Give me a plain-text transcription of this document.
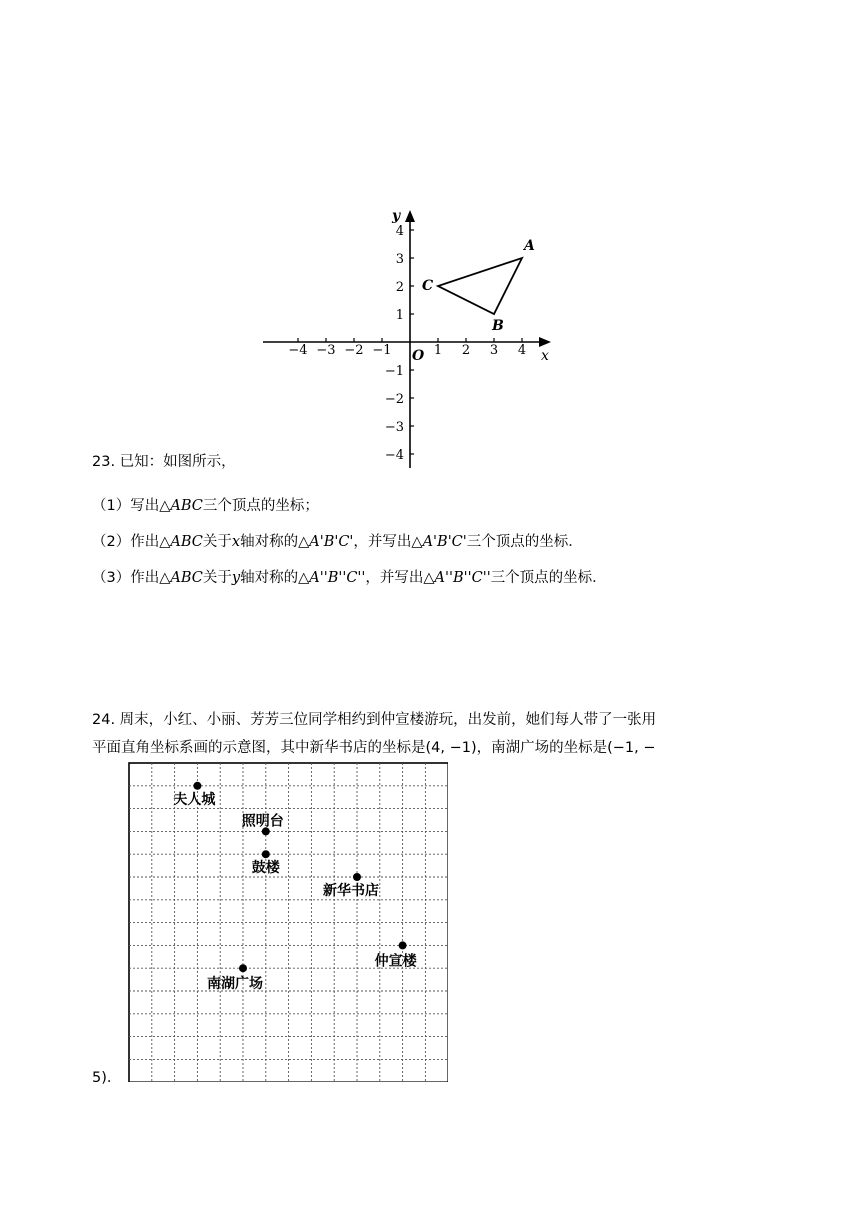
x
y
O
−4 −3 −2 −1	1 2 3 4
4
3
2
1
−1
−2
−3
−4
A
B
C
23. 已知：如图所示，
（1）写出△ABC三个顶点的坐标；
（2）作出△ABC关于x轴对称的△A'B'C'，并写出△A'B'C'三个顶点的坐标．
（3）作出△ABC关于y轴对称的△A''B''C''，并写出△A''B''C''三个顶点的坐标．
24. 周末，小红、小丽、芳芳三位同学相约到仲宣楼游玩，出发前，她们每人带了一张用
平面直角坐标系画的示意图，其中新华书店的坐标是(4, −1)，南湖广场的坐标是(−1, −
夫人城
照明台
鼓楼
新华书店
仲宣楼
南湖广场
5)．
